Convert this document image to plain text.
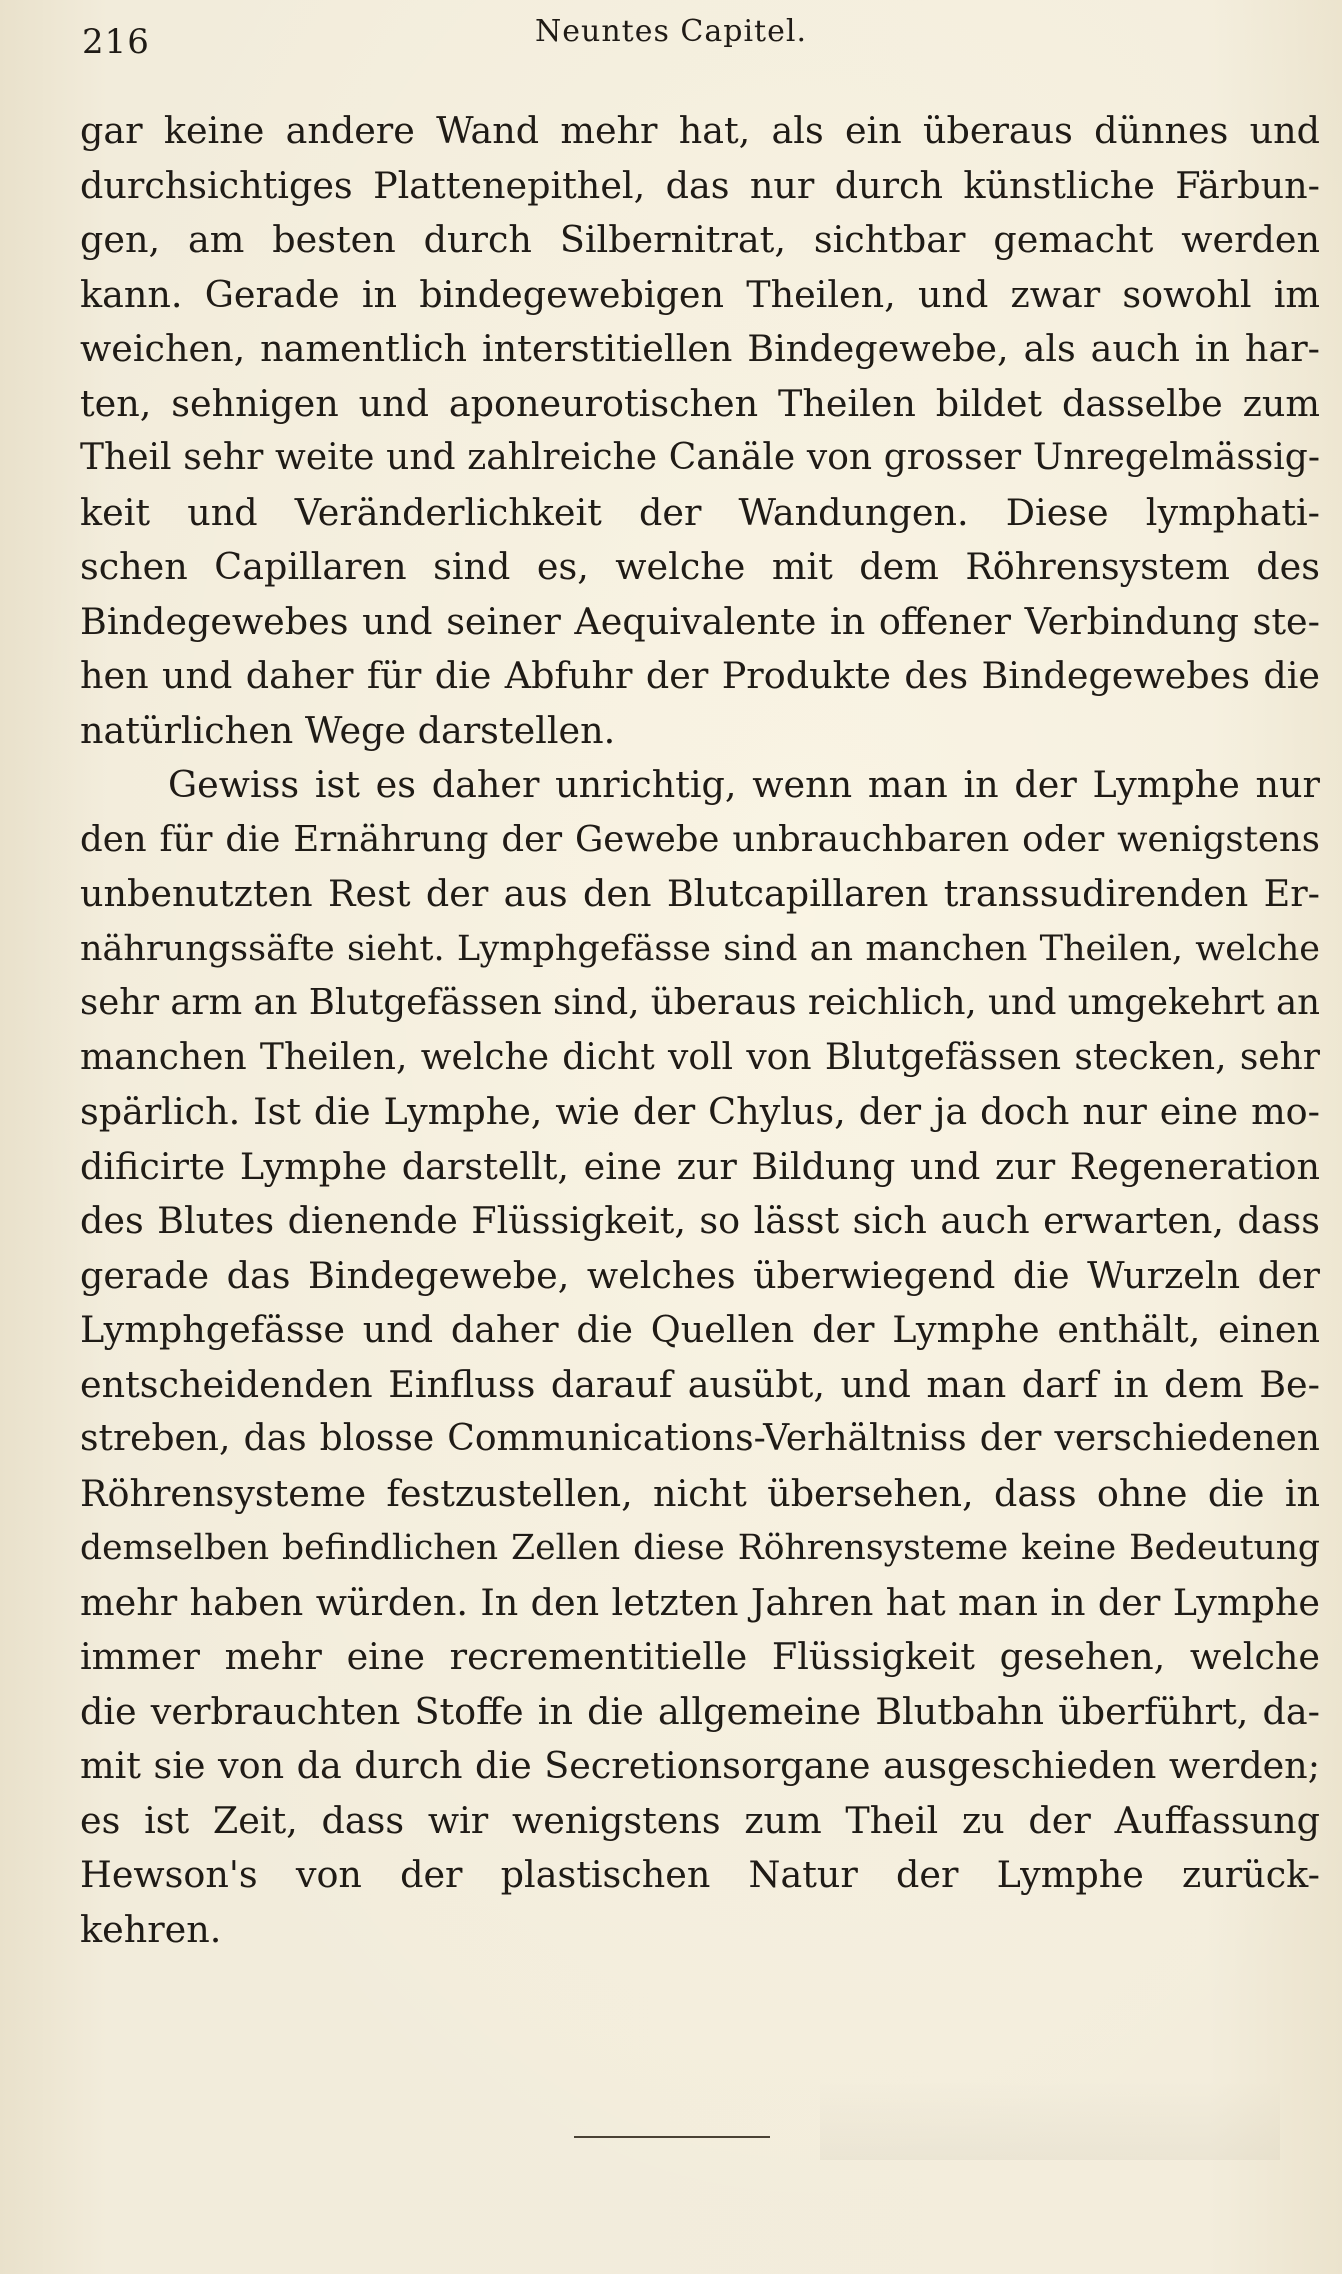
216	Neuntes Capitel.
gar keine andere Wand mehr hat, als ein überaus dünnes und
durchsichtiges Plattenepithel, das nur durch künstliche Färbun-
gen, am besten durch Silbernitrat, sichtbar gemacht werden
kann. Gerade in bindegewebigen Theilen, und zwar sowohl im
weichen, namentlich interstitiellen Bindegewebe, als auch in har-
ten, sehnigen und aponeurotischen Theilen bildet dasselbe zum
Theil sehr weite und zahlreiche Canäle von grosser Unregelmässig-
keit und Veränderlichkeit der Wandungen. Diese lymphati-
schen Capillaren sind es, welche mit dem Röhrensystem des
Bindegewebes und seiner Aequivalente in offener Verbindung ste-
hen und daher für die Abfuhr der Produkte des Bindegewebes die
natürlichen Wege darstellen.
Gewiss ist es daher unrichtig, wenn man in der Lymphe nur
den für die Ernährung der Gewebe unbrauchbaren oder wenigstens
unbenutzten Rest der aus den Blutcapillaren transsudirenden Er-
nährungssäfte sieht. Lymphgefässe sind an manchen Theilen, welche
sehr arm an Blutgefässen sind, überaus reichlich, und umgekehrt an
manchen Theilen, welche dicht voll von Blutgefässen stecken, sehr
spärlich. Ist die Lymphe, wie der Chylus, der ja doch nur eine mo-
dificirte Lymphe darstellt, eine zur Bildung und zur Regeneration
des Blutes dienende Flüssigkeit, so lässt sich auch erwarten, dass
gerade das Bindegewebe, welches überwiegend die Wurzeln der
Lymphgefässe und daher die Quellen der Lymphe enthält, einen
entscheidenden Einfluss darauf ausübt, und man darf in dem Be-
streben, das blosse Communications-Verhältniss der verschiedenen
Röhrensysteme festzustellen, nicht übersehen, dass ohne die in
demselben befindlichen Zellen diese Röhrensysteme keine Bedeutung
mehr haben würden. In den letzten Jahren hat man in der Lymphe
immer mehr eine recrementitielle Flüssigkeit gesehen, welche
die verbrauchten Stoffe in die allgemeine Blutbahn überführt, da-
mit sie von da durch die Secretionsorgane ausgeschieden werden;
es ist Zeit, dass wir wenigstens zum Theil zu der Auffassung
Hewson's von der plastischen Natur der Lymphe zurück-
kehren.
